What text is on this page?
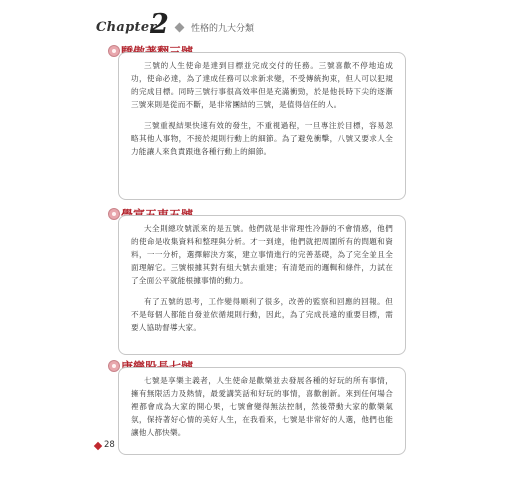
Chapter
2 性格的九大分類

三號的人生使命是達到目標並完成交付的任務。三號喜歡不停地追成功，使命必達，為了達成任務可以求新求變，不受傳統拘束，但人可以犯規的完成目標。同時三號行事很高效率但是充滿衝勁，於是他長時下尖的逐漸三號來則是從而不斷，是非常團結的三號，是值得信任的人。

三號重視結果快速有效的發生，不重視過程，一旦專注於目標，容易忽略其他人事物，不接於規則行動上的細節。為了避免衝擊，八號又要求人全力能讓人來負責跟進各種行動上的細節。

大全則總攻號派來的是五號。他們就是非常理性冷靜的不會情感，他們的使命是收集資料和整理與分析。才一到達，他們就把周圍所有的問題和資料，一一分析，選擇解決方案，建立事情進行的完善基礎，為了完全並且全面理解它。三號根據其對有組大號去重建；有清楚而的邏輯和條件，力試在了全面公平就能根據事情的動力。

有了五號的思考，工作變得順利了很多，改善的監察和回應的回報。但不是每個人都能自發並依循規則行動，因此，為了完成長遠的重要目標，需要人協助督導大家。

七號是享樂主義者，人生使命是歡樂並去發展各種的好玩的所有事情，擁有無限活力及熱情，最愛講笑話和好玩的事情，喜歡創新。來到任何場合裡都會成為大家的開心果，七號會變得無法控制，然後帶動大家的歡樂氣氛，保持著好心情的美好人生，在我看來，七號是非常好的人選，他們也能讓他人都快樂。

28
